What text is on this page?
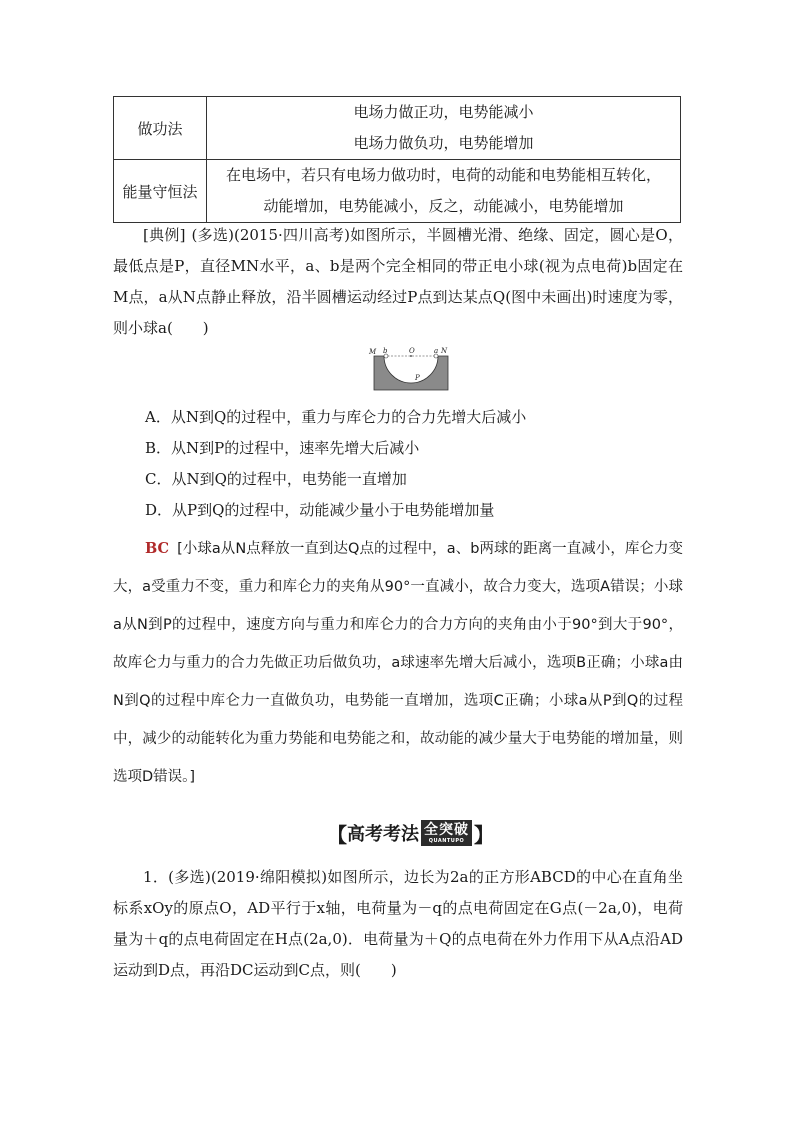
做功法	电场力做正功，电势能减小
电场力做负功，电势能增加

能量守恒法	在电场中，若只有电场力做功时，电荷的动能和电势能相互转化，
动能增加，电势能减小，反之，动能减小，电势能增加
[典例] (多选)(2015·四川高考)如图所示，半圆槽光滑、绝缘、固定，圆心是O，最低点是P，直径MN水平，a、b是两个完全相同的带正电小球(视为点电荷)b固定在M点，a从N点静止释放，沿半圆槽运动经过P点到达某点Q(图中未画出)时速度为零，则小球a(　　)
M b	O	a N
P
A．从N到Q的过程中，重力与库仑力的合力先增大后减小
B．从N到P的过程中，速率先增大后减小
C．从N到Q的过程中，电势能一直增加
D．从P到Q的过程中，动能减少量小于电势能增加量
BC [小球a从N点释放一直到达Q点的过程中，a、b两球的距离一直减小，库仑力变大，a受重力不变，重力和库仑力的夹角从90°一直减小，故合力变大，选项A错误；小球a从N到P的过程中，速度方向与重力和库仑力的合力方向的夹角由小于90°到大于90°，故库仑力与重力的合力先做正功后做负功，a球速率先增大后减小，选项B正确；小球a由N到Q的过程中库仑力一直做负功，电势能一直增加，选项C正确；小球a从P到Q的过程中，减少的动能转化为重力势能和电势能之和，故动能的减少量大于电势能的增加量，则选项D错误。]
【 高考考法 全突破
QUANTUPO 】
1．(多选)(2019·绵阳模拟)如图所示，边长为2a的正方形ABCD的中心在直角坐标系xOy的原点O，AD平行于x轴，电荷量为－q的点电荷固定在G点(－2a,0)，电荷量为＋q的点电荷固定在H点(2a,0)．电荷量为＋Q的点电荷在外力作用下从A点沿AD运动到D点，再沿DC运动到C点，则(　　)
